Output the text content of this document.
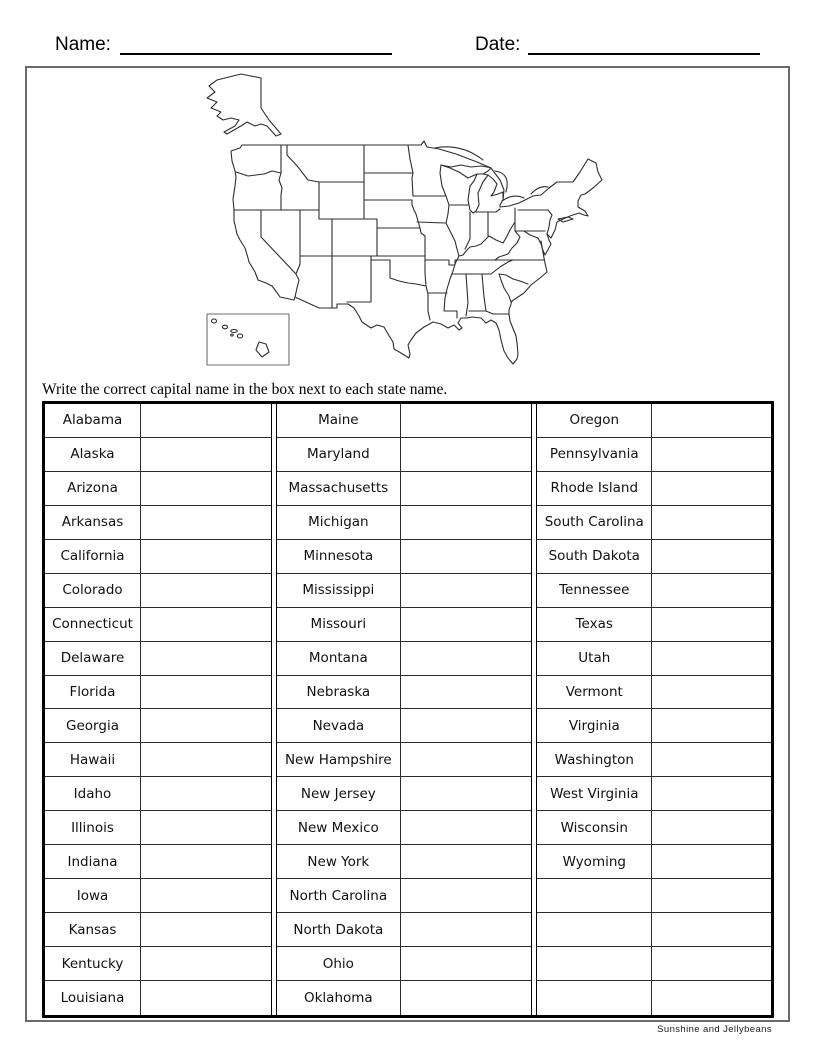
Name:	Date:
Write the correct capital name in the box next to each state name.
Alabama
Alaska
Arizona
Arkansas
California
Colorado
Connecticut
Delaware
Florida
Georgia
Hawaii
Idaho
Illinois
Indiana
Iowa
Kansas
Kentucky
Louisiana
Maine
Maryland
Massachusetts
Michigan
Minnesota
Mississippi
Missouri
Montana
Nebraska
Nevada
New Hampshire
New Jersey
New Mexico
New York
North Carolina
North Dakota
Ohio
Oklahoma
Oregon
Pennsylvania
Rhode Island
South Carolina
South Dakota
Tennessee
Texas
Utah
Vermont
Virginia
Washington
West Virginia
Wisconsin
Wyoming
Sunshine and Jellybeans
